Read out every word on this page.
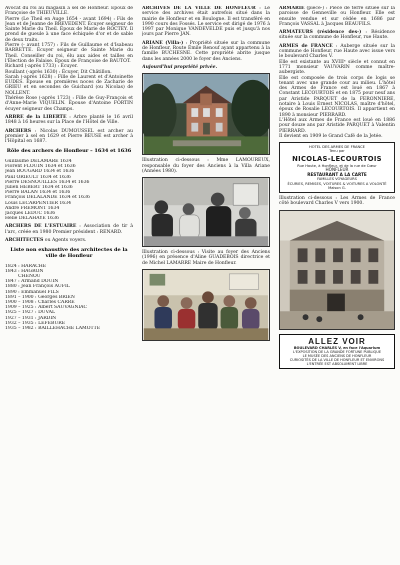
Avocat du roi au magasin à sel de Honfleur. Époux de Françoise de THIEUVILLE.

Pierre (Le Theil en Auge 1654 - avant 1694) : Fils de Jean et de Jeanne de BREVEDENT. Écuyer seigneur de Sainte Marie du Theil. Époux de Marie de ROCTEY. Il prend de gueule à une face échiquée d'or et de sable de deux traits.

Pierre (- avant 1757) : Fils de Guillaume et d'Isabeau BARRETTE. Écuyer seigneur de Sainte Marie du Theil. Conseiller du roi, élu aux aides et tailles en l'Élection de Falaise. Époux de Françoise de BAUTOT.

Richard (-après 1733) : Écuyer.

Roullant (-après 1630) : Écuyer, Dit Châtillon.

Sarah (-après 1628) : Fille de Laurent et d'Antoinette EUDES. Épouse en premières noces de Zacharie de GRIEU et en secondes de Guichard (ou Nicolas) de NOLLENT.

Thérèse Rose (-après 1723) : Fille de Guy-François et d'Anne-Marie VIQUELIN. Épouse d'Antoine FORTIN écuyer seigneur des Champs.

ARBRE de la LIBERTE : Arbre planté le 16 avril 1848 à 16 heures sur la Place de l'Hôtel de Ville.

ARCHERS : Nicolas DUMOUSSEL est archer au premier à sel en 1629 et Pierre BEUSE est archer à l'Hôpital en 1687.

Rôle des archers de Honfleur – 1634 et 1636

Guillaume DÉLAMARE 1634

Florent FLOUIN 1634 et 1636

Jean BOUGARD 1634 et 1636

Paul ORIEULT 1634 et 1636

Pierre DESNOUILLES 1634 et 1636

Julien HEBERT 1634 et 1636

Pierre BALAN 1634 et 1636

François DELALANDE 1634 et 1636

Louis LECARPENTIER 1634

André FREMONT 1634

Jacques LEDUC 1636

Hélie DELAHAYE 1636

ARCHERS DE L'ESTUAIRE : Association de tir à l'arc, créée en 1980 Premier président : RENARD.

ARCHITECTES ou Agents voyers.

Liste non exhaustive des architectes de la ville de Honfleur

1824 : HARACHE

1843 : HAGRON

CHENOU

1847 : Armand DOUIN

1880 : Jean François AUFIL

1890 : Emmanuel FILS

1891 – 1900 : Georges BRIEN

1900 – 1908 : Charles CARRE

1909 – 1925 : Albert SAUVAGNIAC

1925 – 1927 : DUVAL

1927 – 1931 : JARDIN

1932 – 1935 : LEFEBURE

1935 – 1982 : BAILLEHACHE LAMOTTE

ARCHIVES DE LA VILLE DE HONFLEUR : Le service des archives était autrefois situé dans la mairie de Honfleur et en Boulogne. Il est transféré en 1990 cours des Fossés. Le service est dirigé de 1976 à 1997 par Monique VANDEVELDE puis et jusqu'à nos jours par Pierre JAN.

ARIANE (Villa-) : Propriété située sur la commune de Honfleur, Route Émile Renouf ayant appartenu à la famille BUCHESNE. Cette propriété abrite jusque dans les années 2000 le foyer des Anciens.

Aujourd'hui propriété privée.

Illustration ci-dessous : Mme LAMOUREUX, responsable du foyer des Anciens à la Villa Ariane (Années 1980).

Illustration ci-dessous : Visite au foyer des Anciens (1996) en présence d'Aline GUADEBOIS directrice et de Michel LAMARRE Maire de Honfleur.

ARMARIE (pièce-) : Pièce de terre située sur la paroisse de Genneville ou Honfleur. Elle est ensuite vendue et sur cédée en 1686 par François VASSAL à Jacques BEAUFILS.

ARMATEURS (résidence des-) : Résidence située sur la commune de Honfleur, rue Haute.

ARMES de FRANCE : Auberge située sur la commune de Honfleur, rue Haute avec issue vers le boulevard Charles V.

Elle est existante au XVIIIᵉ siècle et connut en 1771 monsieur VAUVARIN comme maître-aubergiste.

Elle est composée de trois corps de logis se tenant avec une grande cour au milieu. L'hôtel des Armes de France est loué en 1867 à Constant LECOURTOIS et en 1875 pour neuf ans par Aristide PARQUET de la FERONNIERE, notaire à Louis Ernest NICOLAS, maître d'hôtel, époux de Rosalie LECOURTOIS. Il appartient en 1890 à monsieur PIERRARD.

L'Hôtel aux Armes de France est loué en 1886 pour douze ans par Aristide PARQUET à Valentin PIERRARD.

Il devient en 1909 le Grand Café de la Jetée.

HOTEL DES ARMES DE FRANCE

Tenu par

NICOLAS-LECOURTOIS

Rue Haute, à Honfleur, et de la rue de Cœur

HONFLEUR

RESTAURANT A LA CARTE

FAMILLES VOYAGEURS

ÉCURIES, REMISES, VOITURES & VOITURES A VOLONTÉ

Maison G.

Illustration ci-dessous : Les Armes de France côté boulevard Charles V vers 1900.

ALLEZ VOIR

BOULEVARD CHARLES V, en face l'Aquarium

L'EXPOSITION DE LA GRANDE FORTUNE PUBLIQUE

LE MUSÉE DES ANCIENS DE HONFLEUR

CURIOSITÉS DE LA VILLE DE HONFLEUR ET ENVIRONS

L'ENTRÉE EST ABSOLUMENT LIBRE
